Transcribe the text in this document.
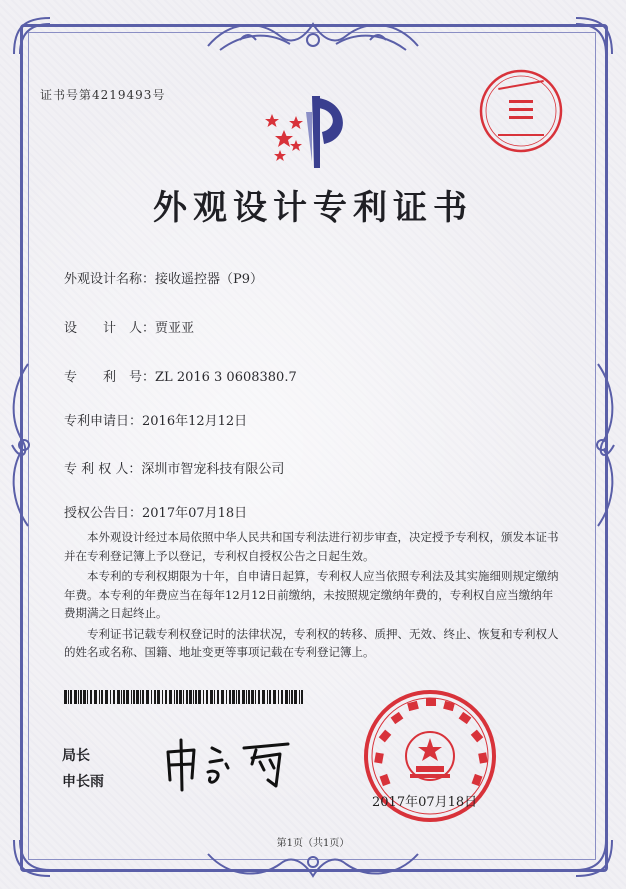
证书号第4219493号
外观设计专利证书
外观设计名称：接收遥控器（P9）
设　　计　人：贾亚亚
专　　利　号：ZL 2016 3 0608380.7
专利申请日：2016年12月12日
专 利 权 人：深圳市智宠科技有限公司
授权公告日：2017年07月18日

本外观设计经过本局依照中华人民共和国专利法进行初步审查，决定授予专利权，颁发本证书并在专利登记簿上予以登记，专利权自授权公告之日起生效。

本专利的专利权期限为十年，自申请日起算，专利权人应当依照专利法及其实施细则规定缴纳年费。本专利的年费应当在每年12月12日前缴纳，未按照规定缴纳年费的，专利权自应当缴纳年费期满之日起终止。

专利证书记载专利权登记时的法律状况，专利权的转移、质押、无效、终止、恢复和专利权人的姓名或名称、国籍、地址变更等事项记载在专利登记簿上。

局长
申长雨
2017年07月18日
第1页（共1页）
